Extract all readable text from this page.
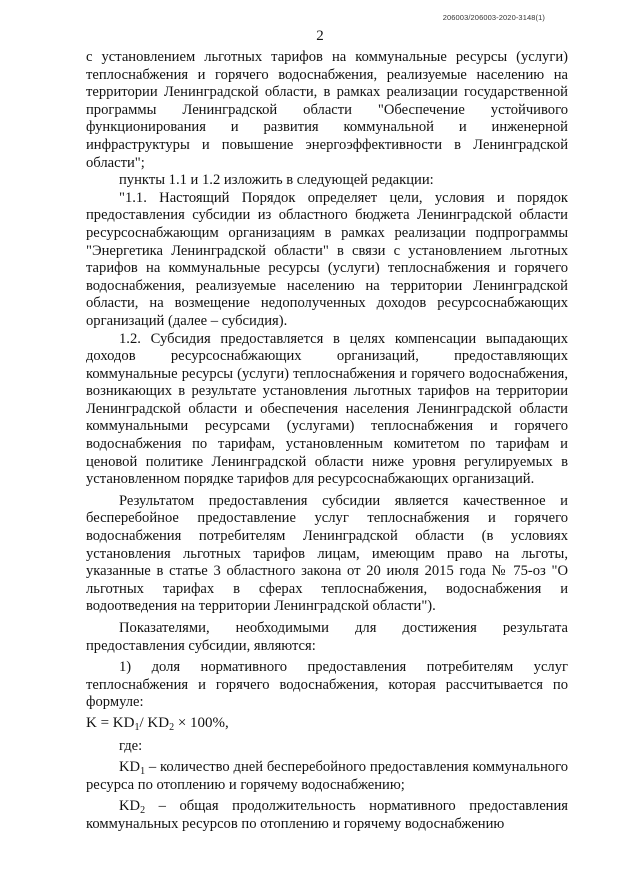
206003/206003-2020-3148(1)
2

с установлением льготных тарифов на коммунальные ресурсы (услуги) теплоснабжения и горячего водоснабжения, реализуемые населению на территории Ленинградской области, в рамках реализации государственной программы Ленинградской области "Обеспечение устойчивого функционирования и развития коммунальной и инженерной инфраструктуры и повышение энергоэффективности в Ленинградской области";

пункты 1.1 и 1.2 изложить в следующей редакции:

"1.1. Настоящий Порядок определяет цели, условия и порядок предоставления субсидии из областного бюджета Ленинградской области ресурсоснабжающим организациям в рамках реализации подпрограммы "Энергетика Ленинградской области" в связи с установлением льготных тарифов на коммунальные ресурсы (услуги) теплоснабжения и горячего водоснабжения, реализуемые населению на территории Ленинградской области, на возмещение недополученных доходов ресурсоснабжающих организаций (далее – субсидия).

1.2. Субсидия предоставляется в целях компенсации выпадающих доходов ресурсоснабжающих организаций, предоставляющих коммунальные ресурсы (услуги) теплоснабжения и горячего водоснабжения, возникающих в результате установления льготных тарифов на территории Ленинградской области и обеспечения населения Ленинградской области коммунальными ресурсами (услугами) теплоснабжения и горячего водоснабжения по тарифам, установленным комитетом по тарифам и ценовой политике Ленинградской области ниже уровня регулируемых в установленном порядке тарифов для ресурсоснабжающих организаций.

Результатом предоставления субсидии является качественное и бесперебойное предоставление услуг теплоснабжения и горячего водоснабжения потребителям Ленинградской области (в условиях установления льготных тарифов лицам, имеющим право на льготы, указанные в статье 3 областного закона от 20 июля 2015 года № 75-оз "О льготных тарифах в сферах теплоснабжения, водоснабжения и водоотведения на территории Ленинградской области").

Показателями, необходимыми для достижения результата предоставления субсидии, являются:

1) доля нормативного предоставления потребителям услуг теплоснабжения и горячего водоснабжения, которая рассчитывается по формуле:

$K = KD_1/$ $KD_2 \times 100\%$,

где:

$KD_1$ – количество дней бесперебойного предоставления коммунального ресурса по отоплению и горячему водоснабжению;

$KD_2$ – общая продолжительность нормативного предоставления коммунальных ресурсов по отоплению и горячему водоснабжению
